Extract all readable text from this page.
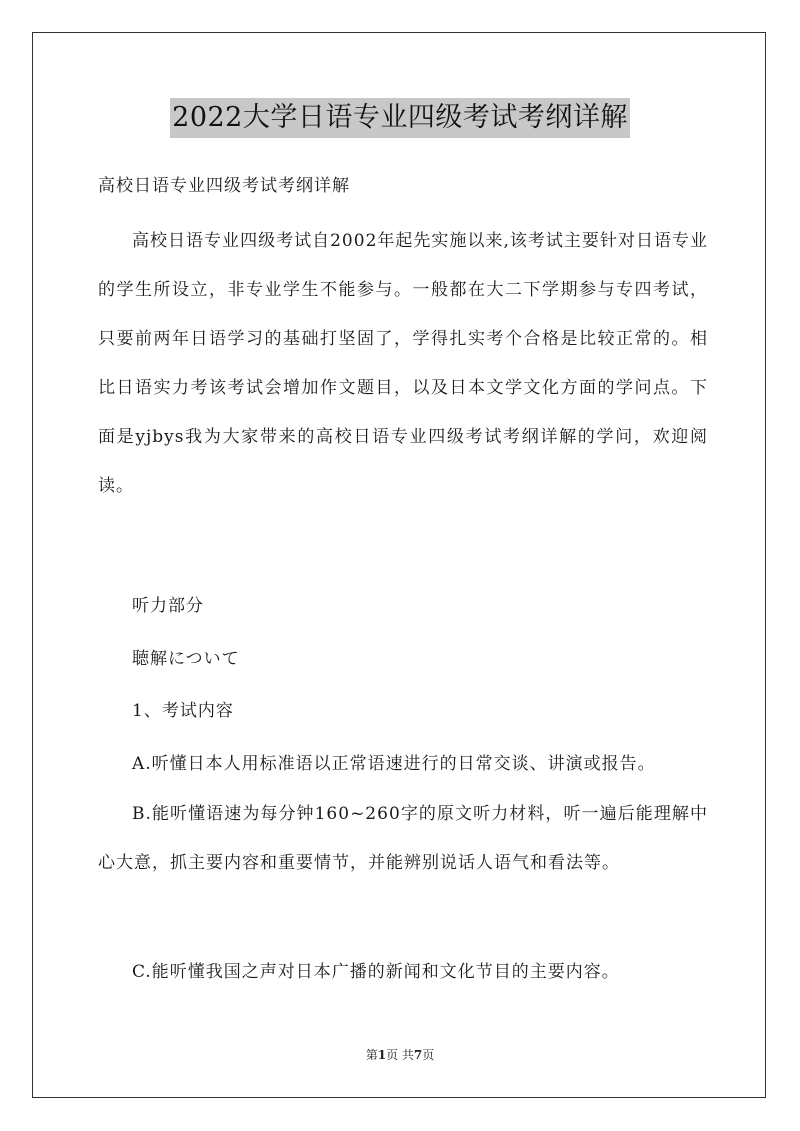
2022大学日语专业四级考试考纲详解
高校日语专业四级考试考纲详解

高校日语专业四级考试自2002年起先实施以来,该考试主要针对日语专业的学生所设立，非专业学生不能参与。一般都在大二下学期参与专四考试，只要前两年日语学习的基础打坚固了，学得扎实考个合格是比较正常的。相比日语实力考该考试会增加作文题目，以及日本文学文化方面的学问点。下面是yjbys我为大家带来的高校日语专业四级考试考纲详解的学问，欢迎阅读。

听力部分

聴解について

1、考试内容

A.听懂日本人用标准语以正常语速进行的日常交谈、讲演或报告。

B.能听懂语速为每分钟160~260字的原文听力材料，听一遍后能理解中心大意，抓主要内容和重要情节，并能辨别说话人语气和看法等。

C.能听懂我国之声对日本广播的新闻和文化节目的主要内容。

第1页 共7页
